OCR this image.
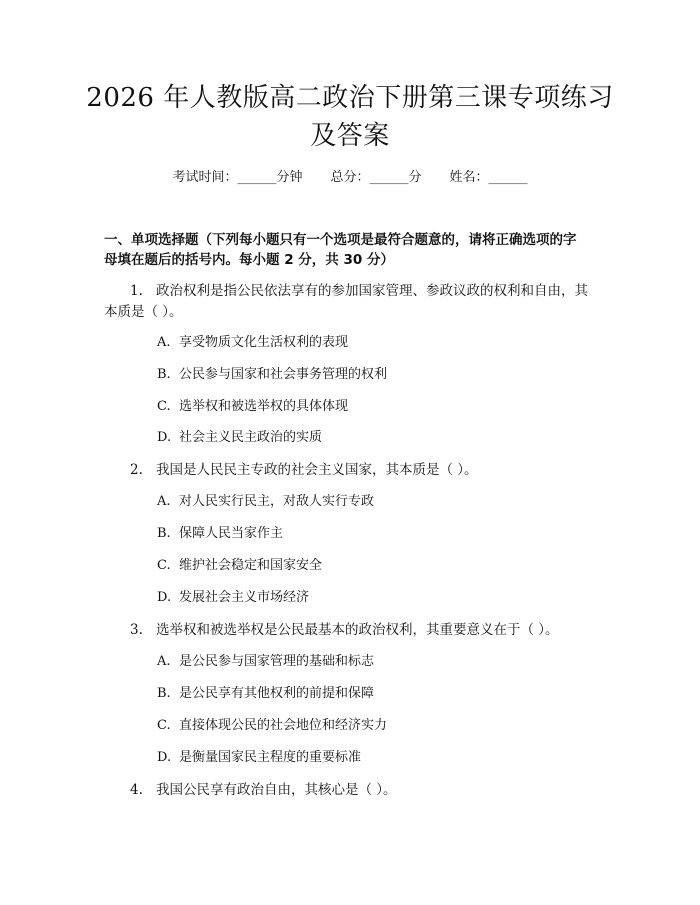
2026 年人教版高二政治下册第三课专项练习
及答案
考试时间：______分钟 总分：______分 姓名：______
一、单项选择题（下列每小题只有一个选项是最符合题意的，请将正确选项的字
母填在题后的括号内。每小题 2 分，共 30 分）
1. 政治权利是指公民依法享有的参加国家管理、参政议政的权利和自由，其
本质是（ ）。
A. 享受物质文化生活权利的表现
B. 公民参与国家和社会事务管理的权利
C. 选举权和被选举权的具体体现
D. 社会主义民主政治的实质
2. 我国是人民民主专政的社会主义国家，其本质是（ ）。
A. 对人民实行民主，对敌人实行专政
B. 保障人民当家作主
C. 维护社会稳定和国家安全
D. 发展社会主义市场经济
3. 选举权和被选举权是公民最基本的政治权利，其重要意义在于（ ）。
A. 是公民参与国家管理的基础和标志
B. 是公民享有其他权利的前提和保障
C. 直接体现公民的社会地位和经济实力
D. 是衡量国家民主程度的重要标准
4. 我国公民享有政治自由，其核心是（ ）。
